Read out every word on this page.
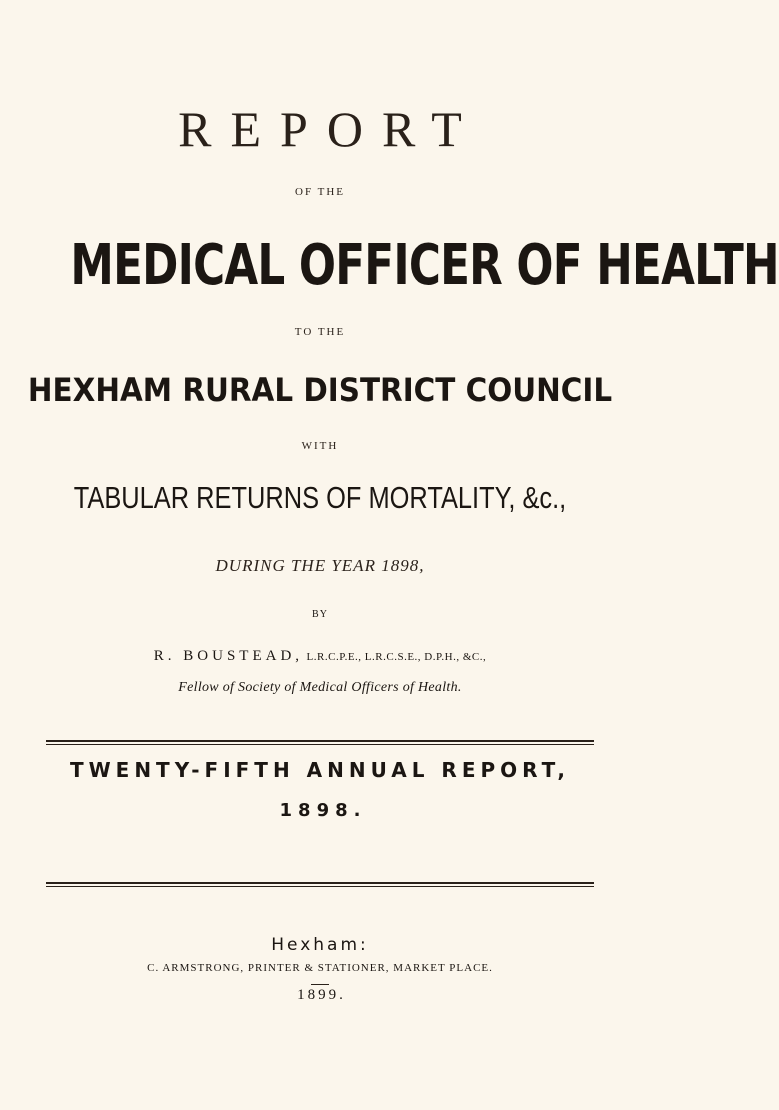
REPORT
OF THE
MEDICAL OFFICER OF HEALTH
TO THE
HEXHAM RURAL DISTRICT COUNCIL
WITH
TABULAR RETURNS OF MORTALITY, &c.,
DURING THE YEAR 1898,
BY
R. BOUSTEAD, L.R.C.P.E., L.R.C.S.E., D.P.H., &C.,
Fellow of Society of Medical Officers of Health.
TWENTY-FIFTH ANNUAL REPORT,
1898.
Hexham:
C. ARMSTRONG, PRINTER & STATIONER, MARKET PLACE.
1899.
